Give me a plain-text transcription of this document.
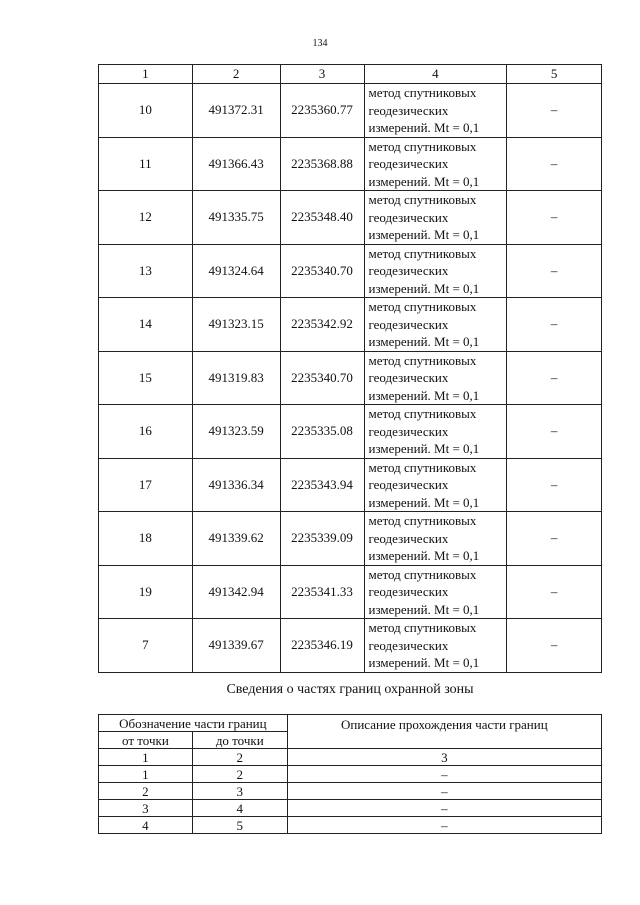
134
1	2	3	4	5
10	491372.31	2235360.77	метод спутниковых
геодезических
измерений. Mt = 0,1	–
11	491366.43	2235368.88	метод спутниковых
геодезических
измерений. Mt = 0,1	–
12	491335.75	2235348.40	метод спутниковых
геодезических
измерений. Mt = 0,1	–
13	491324.64	2235340.70	метод спутниковых
геодезических
измерений. Mt = 0,1	–
14	491323.15	2235342.92	метод спутниковых
геодезических
измерений. Mt = 0,1	–
15	491319.83	2235340.70	метод спутниковых
геодезических
измерений. Mt = 0,1	–
16	491323.59	2235335.08	метод спутниковых
геодезических
измерений. Mt = 0,1	–
17	491336.34	2235343.94	метод спутниковых
геодезических
измерений. Mt = 0,1	–
18	491339.62	2235339.09	метод спутниковых
геодезических
измерений. Mt = 0,1	–
19	491342.94	2235341.33	метод спутниковых
геодезических
измерений. Mt = 0,1	–
7	491339.67	2235346.19	метод спутниковых
геодезических
измерений. Mt = 0,1	–
Сведения о частях границ охранной зоны
Обозначение части границ		Описание прохождения части границ
от точки	до точки	
1	2	3
1	2	–
2	3	–
3	4	–
4	5	–
